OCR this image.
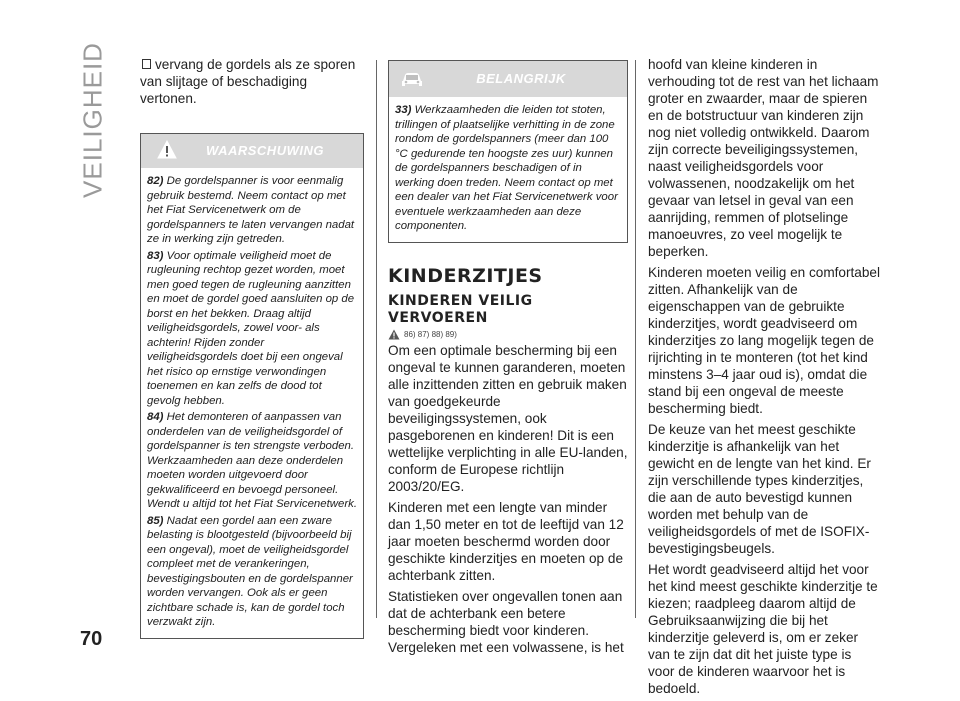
VEILIGHEID
70
vervang de gordels als ze sporen van slijtage of beschadiging vertonen.
WAARSCHUWING

82) De gordelspanner is voor eenmalig gebruik bestemd. Neem contact op met het Fiat Servicenetwerk om de gordelspanners te laten vervangen nadat ze in werking zijn getreden.

83) Voor optimale veiligheid moet de rugleuning rechtop gezet worden, moet men goed tegen de rugleuning aanzitten en moet de gordel goed aansluiten op de borst en het bekken. Draag altijd veiligheidsgordels, zowel voor- als achterin! Rijden zonder veiligheidsgordels doet bij een ongeval het risico op ernstige verwondingen toenemen en kan zelfs de dood tot gevolg hebben.

84) Het demonteren of aanpassen van onderdelen van de veiligheidsgordel of gordelspanner is ten strengste verboden. Werkzaamheden aan deze onderdelen moeten worden uitgevoerd door gekwalificeerd en bevoegd personeel. Wendt u altijd tot het Fiat Servicenetwerk.

85) Nadat een gordel aan een zware belasting is blootgesteld (bijvoorbeeld bij een ongeval), moet de veiligheidsgordel compleet met de verankeringen, bevestigingsbouten en de gordelspanner worden vervangen. Ook als er geen zichtbare schade is, kan de gordel toch verzwakt zijn.

BELANGRIJK

33) Werkzaamheden die leiden tot stoten, trillingen of plaatselijke verhitting in de zone rondom de gordelspanners (meer dan 100 °C gedurende ten hoogste zes uur) kunnen de gordelspanners beschadigen of in werking doen treden. Neem contact op met een dealer van het Fiat Servicenetwerk voor eventuele werkzaamheden aan deze componenten.

KINDERZITJES
KINDEREN VEILIG VERVOEREN
86) 87) 88) 89)

Om een optimale bescherming bij een ongeval te kunnen garanderen, moeten alle inzittenden zitten en gebruik maken van goedgekeurde beveiligingssystemen, ook pasgeborenen en kinderen! Dit is een wettelijke verplichting in alle EU-landen, conform de Europese richtlijn 2003/20/EG.

Kinderen met een lengte van minder dan 1,50 meter en tot de leeftijd van 12 jaar moeten beschermd worden door geschikte kinderzitjes en moeten op de achterbank zitten.

Statistieken over ongevallen tonen aan dat de achterbank een betere bescherming biedt voor kinderen. Vergeleken met een volwassene, is het

hoofd van kleine kinderen in verhouding tot de rest van het lichaam groter en zwaarder, maar de spieren en de botstructuur van kinderen zijn nog niet volledig ontwikkeld. Daarom zijn correcte beveiligingssystemen, naast veiligheidsgordels voor volwassenen, noodzakelijk om het gevaar van letsel in geval van een aanrijding, remmen of plotselinge manoeuvres, zo veel mogelijk te beperken.

Kinderen moeten veilig en comfortabel zitten. Afhankelijk van de eigenschappen van de gebruikte kinderzitjes, wordt geadviseerd om kinderzitjes zo lang mogelijk tegen de rijrichting in te monteren (tot het kind minstens 3–4 jaar oud is), omdat die stand bij een ongeval de meeste bescherming biedt.

De keuze van het meest geschikte kinderzitje is afhankelijk van het gewicht en de lengte van het kind. Er zijn verschillende types kinderzitjes, die aan de auto bevestigd kunnen worden met behulp van de veiligheidsgordels of met de ISOFIX-bevestigingsbeugels.

Het wordt geadviseerd altijd het voor het kind meest geschikte kinderzitje te kiezen; raadpleeg daarom altijd de Gebruiksaanwijzing die bij het kinderzitje geleverd is, om er zeker van te zijn dat dit het juiste type is voor de kinderen waarvoor het is bedoeld.
